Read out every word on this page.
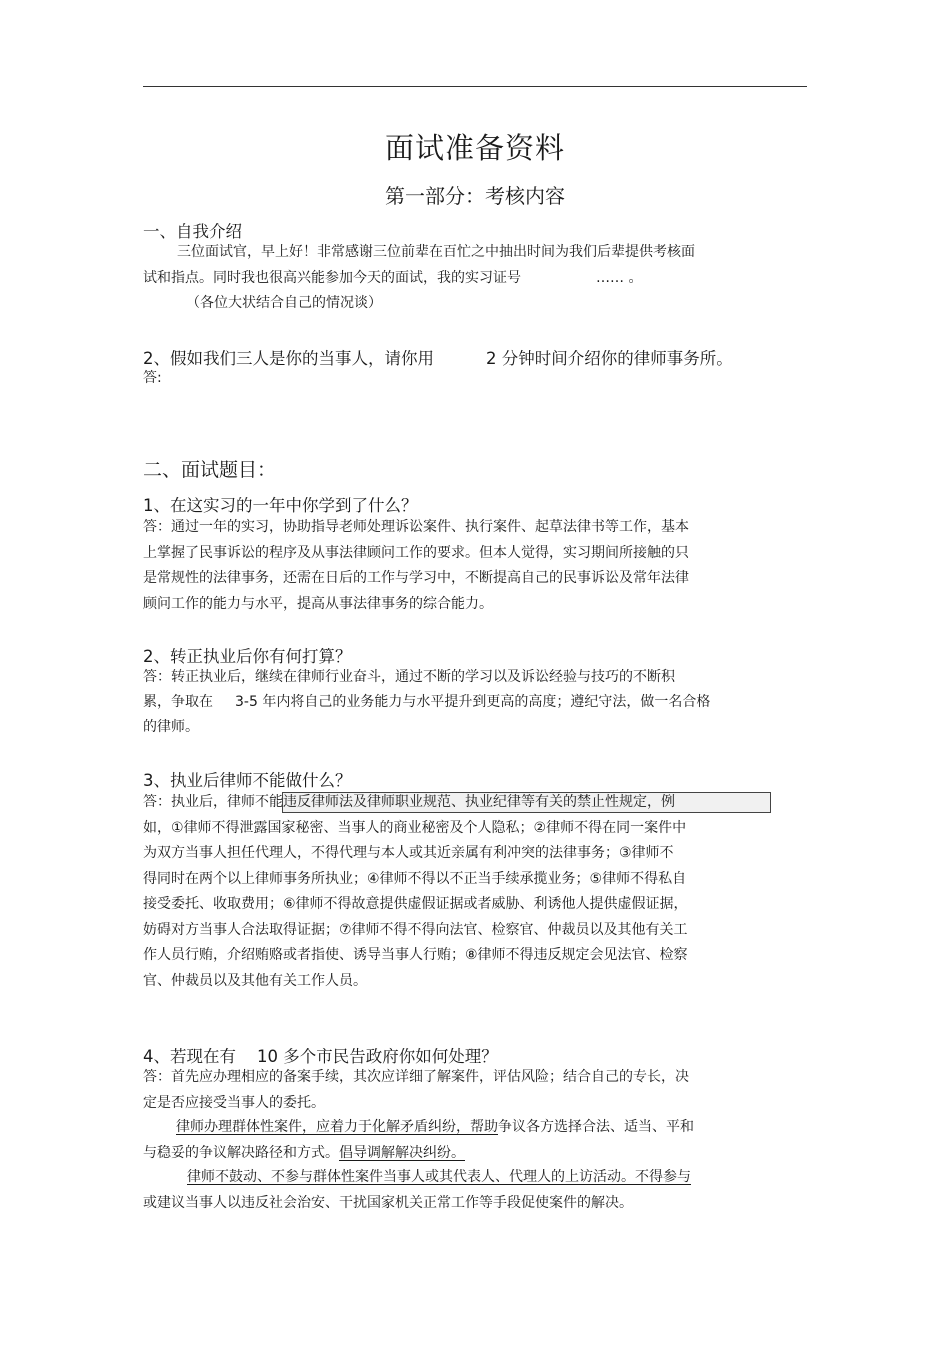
面试准备资料
第一部分：考核内容
一、自我介绍
三位面试官，早上好！非常感谢三位前辈在百忙之中抽出时间为我们后辈提供考核面
试和指点。同时我也很高兴能参加今天的面试，我的实习证号	…… 。
（各位大状结合自己的情况谈）
2、假如我们三人是你的当事人，请你用	2 分钟时间介绍你的律师事务所。
答:
二、面试题目：
1、在这实习的一年中你学到了什么？
答：通过一年的实习，协助指导老师处理诉讼案件、执行案件、起草法律书等工作，基本
上掌握了民事诉讼的程序及从事法律顾问工作的要求。但本人觉得，实习期间所接触的只
是常规性的法律事务，还需在日后的工作与学习中，不断提高自己的民事诉讼及常年法律
顾问工作的能力与水平，提高从事法律事务的综合能力。
2、转正执业后你有何打算？
答：转正执业后，继续在律师行业奋斗，通过不断的学习以及诉讼经验与技巧的不断积
累，争取在 3-5 年内将自己的业务能力与水平提升到更高的高度；遵纪守法，做一名合格
的律师。
3、执业后律师不能做什么？
答：执业后，律师不能违反律师法及律师职业规范、执业纪律等有关的禁止性规定，例
如，①律师不得泄露国家秘密、当事人的商业秘密及个人隐私；②律师不得在同一案件中
为双方当事人担任代理人，不得代理与本人或其近亲属有利冲突的法律事务；③律师不
得同时在两个以上律师事务所执业；④律师不得以不正当手续承揽业务；⑤律师不得私自
接受委托、收取费用；⑥律师不得故意提供虚假证据或者威胁、利诱他人提供虚假证据，
妨碍对方当事人合法取得证据；⑦律师不得不得向法官、检察官、仲裁员以及其他有关工
作人员行贿，介绍贿赂或者指使、诱导当事人行贿；⑧律师不得违反规定会见法官、检察
官、仲裁员以及其他有关工作人员。
4、若现在有 10 多个市民告政府你如何处理？
答：首先应办理相应的备案手续，其次应详细了解案件，评估风险；结合自己的专长，决
定是否应接受当事人的委托。
律师办理群体性案件，应着力于化解矛盾纠纷，帮助争议各方选择合法、适当、平和
与稳妥的争议解决路径和方式。倡导调解解决纠纷。
律师不鼓动、不参与群体性案件当事人或其代表人、代理人的上访活动。不得参与
或建议当事人以违反社会治安、干扰国家机关正常工作等手段促使案件的解决。
